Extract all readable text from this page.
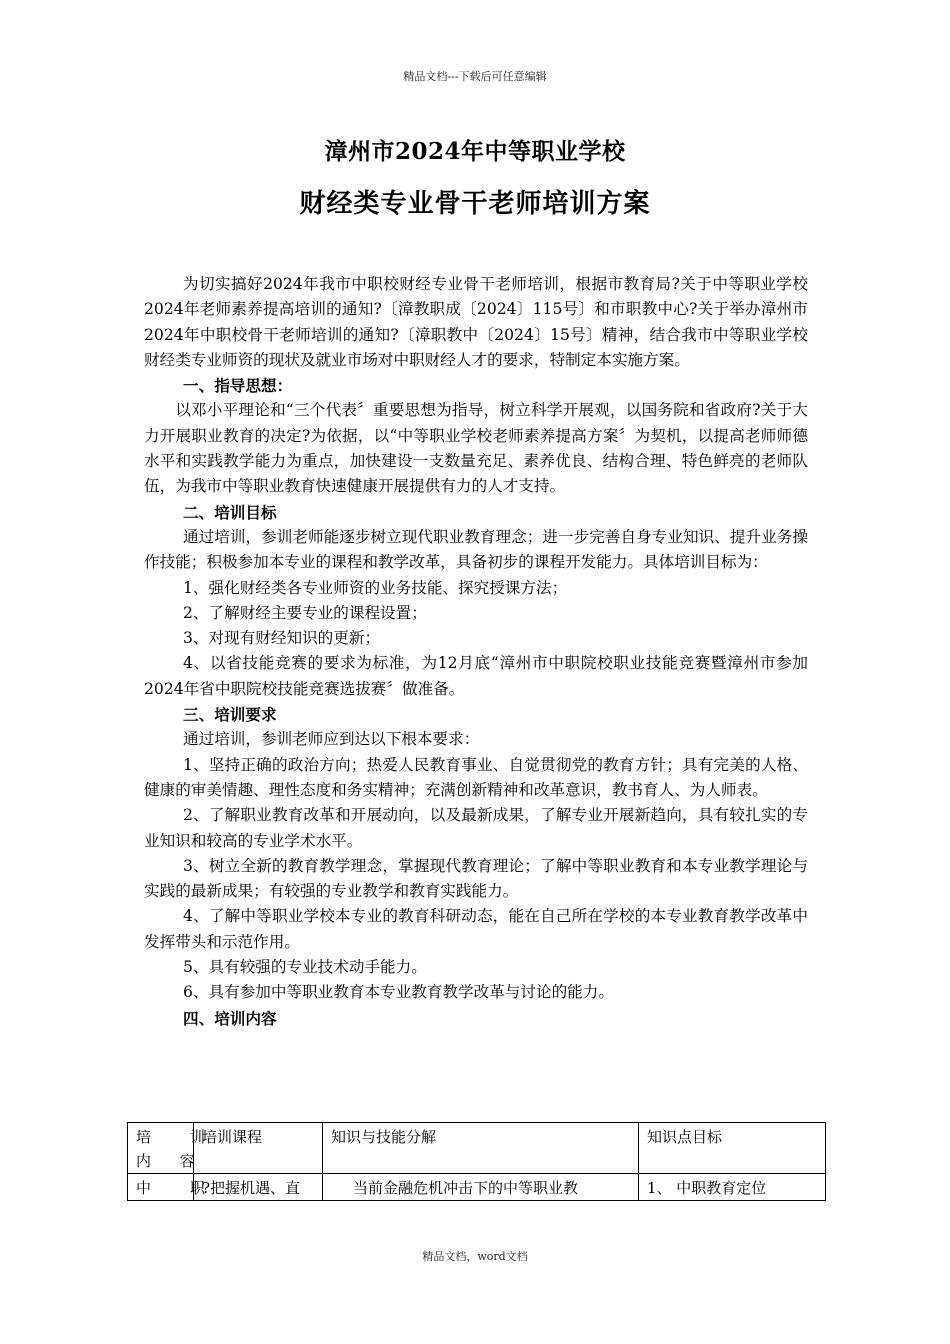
精品文档---下载后可任意编辑
漳州市2024年中等职业学校
财经类专业骨干老师培训方案

为切实搞好2024年我市中职校财经专业骨干老师培训，根据市教育局?关于中等职业学校2024年老师素养提高培训的通知?〔漳教职成〔2024〕115号〕和市职教中心?关于举办漳州市2024年中职校骨干老师培训的通知?〔漳职教中〔2024〕15号〕精神，结合我市中等职业学校财经类专业师资的现状及就业市场对中职财经人才的要求，特制定本实施方案。

一、指导思想：

以邓小平理论和“三个代表〞重要思想为指导，树立科学开展观，以国务院和省政府?关于大力开展职业教育的决定?为依据，以“中等职业学校老师素养提高方案〞为契机，以提高老师师德水平和实践教学能力为重点，加快建设一支数量充足、素养优良、结构合理、特色鲜亮的老师队伍，为我市中等职业教育快速健康开展提供有力的人才支持。

二、培训目标

通过培训，参训老师能逐步树立现代职业教育理念；进一步完善自身专业知识、提升业务操作技能；积极参加本专业的课程和教学改革，具备初步的课程开发能力。具体培训目标为：

1、强化财经类各专业师资的业务技能、探究授课方法；

2、了解财经主要专业的课程设置；

3、对现有财经知识的更新；

4、以省技能竞赛的要求为标准，为12月底“漳州市中职院校职业技能竞赛暨漳州市参加2024年省中职院校技能竞赛选拔赛〞做准备。

三、培训要求

通过培训，参训老师应到达以下根本要求：

1、坚持正确的政治方向；热爱人民教育事业、自觉贯彻党的教育方针；具有完美的人格、健康的审美情趣、理性态度和务实精神；充满创新精神和改革意识，教书育人、为人师表。

2、了解职业教育改革和开展动向，以及最新成果，了解专业开展新趋向，具有较扎实的专业知识和较高的专业学术水平。

3、树立全新的教育教学理念，掌握现代教育理论；了解中等职业教育和本专业教学理论与实践的最新成果；有较强的专业教学和教育实践能力。

4、了解中等职业学校本专业的教育科研动态，能在自己所在学校的本专业教育教学改革中发挥带头和示范作用。

5、具有较强的专业技术动手能力。

6、具有参加中等职业教育本专业教育教学改革与讨论的能力。

四、培训内容

培　训
内 容	培训课程	知识与技能分解	知识点目标
中　职	?把握机遇、直	当前金融危机冲击下的中等职业教	1、 中职教育定位
精品文档，word文档
